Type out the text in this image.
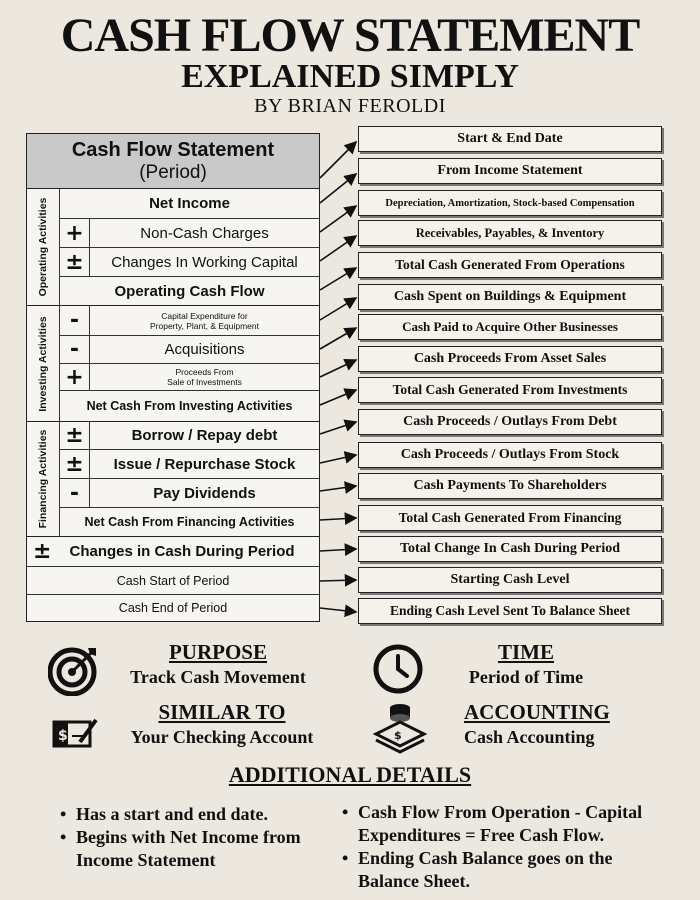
CASH FLOW STATEMENT
EXPLAINED SIMPLY
BY BRIAN FEROLDI
Cash Flow Statement
(Period)
Operating Activities	Net Income
+	Non-Cash Charges
± Changes In Working Capital
Operating Cash Flow
Investing Activities -	Capital Expenditure for
Property, Plant, & Equipment
-	Acquisitions
+	Proceeds From
Sale of Investments
Net Cash From Investing Activities
Financing Activities ±	Borrow / Repay debt
± Issue / Repurchase Stock
-	Pay Dividends
Net Cash From Financing Activities
± Changes in Cash During Period
Cash Start of Period
Cash End of Period
Start & End Date
From Income Statement
Depreciation, Amortization, Stock-based Compensation
Receivables, Payables, & Inventory
Total Cash Generated From Operations
Cash Spent on Buildings & Equipment
Cash Paid to Acquire Other Businesses
Cash Proceeds From Asset Sales
Total Cash Generated From Investments
Cash Proceeds / Outlays From Debt
Cash Proceeds / Outlays From Stock
Cash Payments To Shareholders
Total Cash Generated From Financing
Total Change In Cash During Period
Starting Cash Level
Ending Cash Level Sent To Balance Sheet
$	$
PURPOSE
Track Cash Movement
TIME
Period of Time
SIMILAR TO
Your Checking Account
ACCOUNTING
Cash Accounting
ADDITIONAL DETAILS
• Has a start and end date.
• Begins with Net Income from Income Statement
• Cash Flow From Operation - Capital Expenditures = Free Cash Flow.
• Ending Cash Balance goes on the Balance Sheet.
